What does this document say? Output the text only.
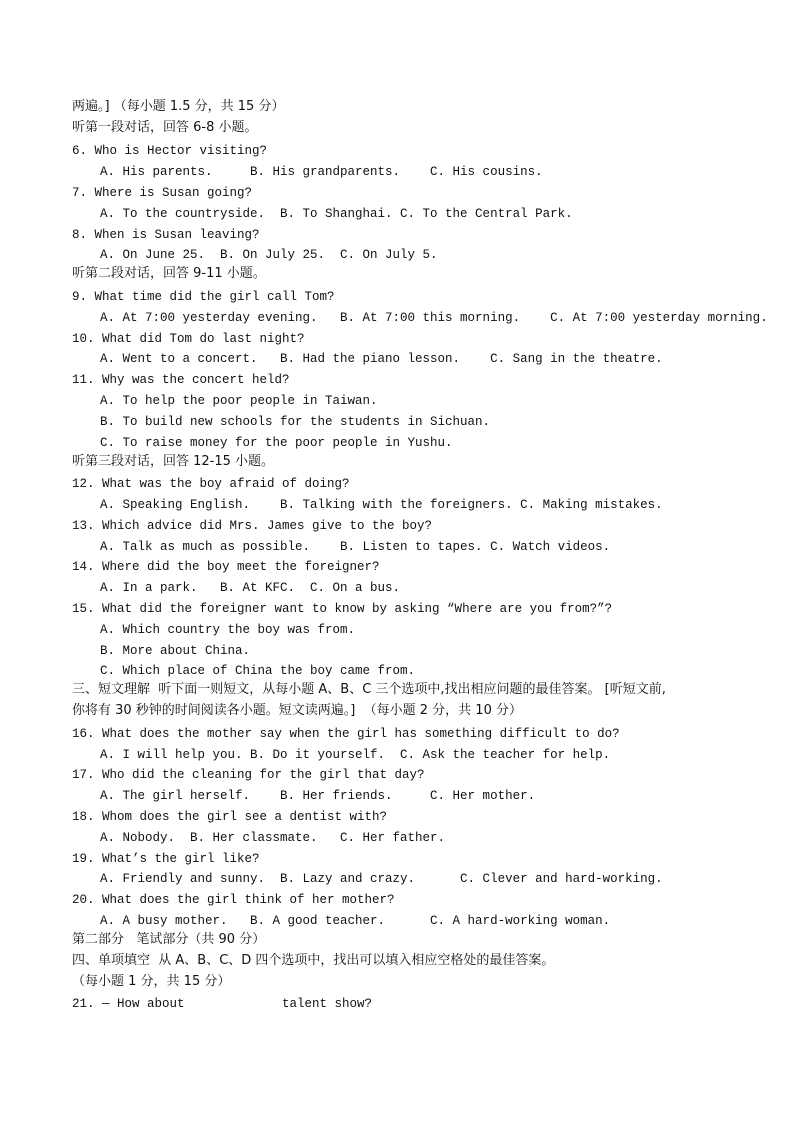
两遍。] （每小题 1.5 分，共 15 分）
听第一段对话，回答 6-8 小题。
6. Who is Hector visiting?
A. His parents.     B. His grandparents.    C. His cousins.
7. Where is Susan going?
A. To the countryside.  B. To Shanghai. C. To the Central Park.
8. When is Susan leaving?
A. On June 25.  B. On July 25.  C. On July 5.
听第二段对话，回答 9-11 小题。
9. What time did the girl call Tom?
A. At 7:00 yesterday evening.   B. At 7:00 this morning.    C. At 7:00 yesterday morning.
10. What did Tom do last night?
A. Went to a concert.   B. Had the piano lesson.    C. Sang in the theatre.
11. Why was the concert held?
A. To help the poor people in Taiwan.
B. To build new schools for the students in Sichuan.
C. To raise money for the poor people in Yushu.
听第三段对话，回答 12-15 小题。
12. What was the boy afraid of doing?
A. Speaking English.    B. Talking with the foreigners. C. Making mistakes.
13. Which advice did Mrs. James give to the boy?
A. Talk as much as possible.    B. Listen to tapes. C. Watch videos.
14. Where did the boy meet the foreigner?
A. In a park.   B. At KFC.  C. On a bus.
15. What did the foreigner want to know by asking “Where are you from?”?
A. Which country the boy was from.
B. More about China.
C. Which place of China the boy came from.
三、短文理解  听下面一则短文，从每小题 A、B、C 三个选项中,找出相应问题的最佳答案。 [听短文前,
你将有 30 秒钟的时间阅读各小题。短文读两遍。]  （每小题 2 分，共 10 分）
16. What does the mother say when the girl has something difficult to do?
A. I will help you. B. Do it yourself.  C. Ask the teacher for help.
17. Who did the cleaning for the girl that day?
A. The girl herself.    B. Her friends.     C. Her mother.
18. Whom does the girl see a dentist with?
A. Nobody.  B. Her classmate.   C. Her father.
19. What’s the girl like?
A. Friendly and sunny.  B. Lazy and crazy.      C. Clever and hard-working.
20. What does the girl think of her mother?
A. A busy mother.   B. A good teacher.      C. A hard-working woman.
第二部分   笔试部分（共 90 分）
四、单项填空  从 A、B、C、D 四个选项中，找出可以填入相应空格处的最佳答案。
（每小题 1 分，共 15 分）
21. — How about             talent show?
